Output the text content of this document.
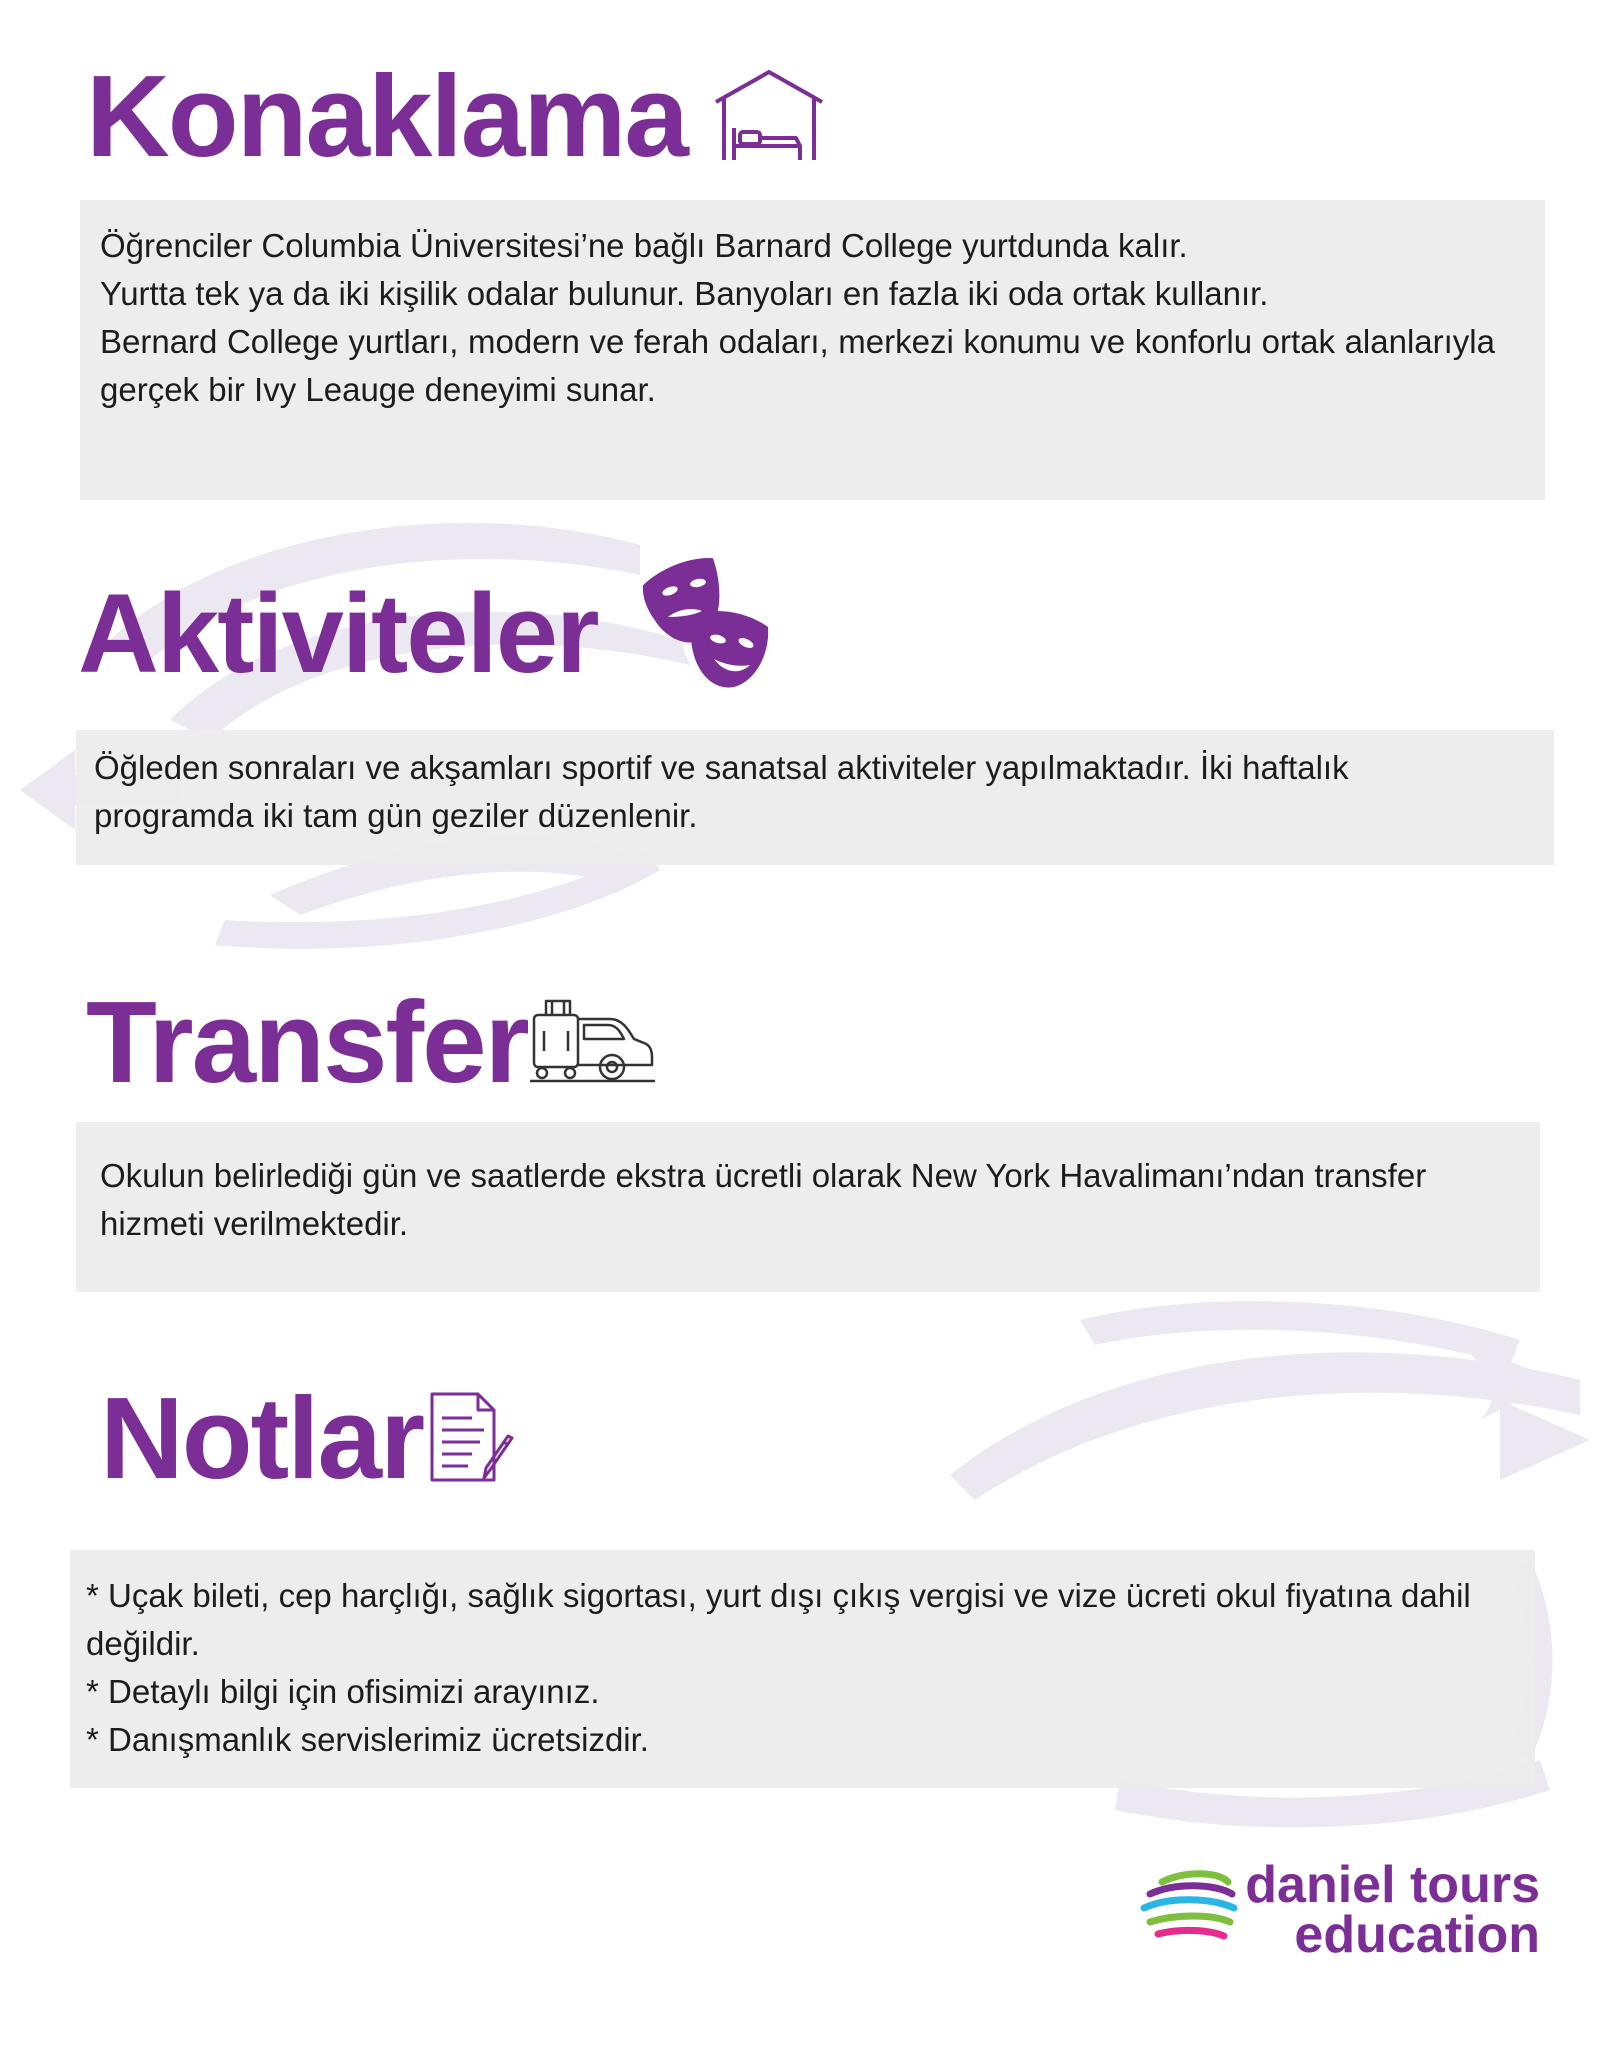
Konaklama

Öğrenciler Columbia Üniversitesi’ne bağlı Barnard College yurtdunda kalır.

Yurtta tek ya da iki kişilik odalar bulunur. Banyoları en fazla iki oda ortak kullanır.

Bernard College yurtları, modern ve ferah odaları, merkezi konumu ve konforlu ortak alanlarıyla gerçek bir Ivy Leauge deneyimi sunar.

Aktiviteler

Öğleden sonraları ve akşamları sportif ve sanatsal aktiviteler yapılmaktadır. İki haftalık programda iki tam gün geziler düzenlenir.

Transfer

Okulun belirlediği gün ve saatlerde ekstra ücretli olarak New York Havalimanı’ndan transfer hizmeti verilmektedir.

Notlar

* Uçak bileti, cep harçlığı, sağlık sigortası, yurt dışı çıkış vergisi ve vize ücreti okul fiyatına dahil değildir.

* Detaylı bilgi için ofisimizi arayınız.

* Danışmanlık servislerimiz ücretsizdir.

daniel tours
education
